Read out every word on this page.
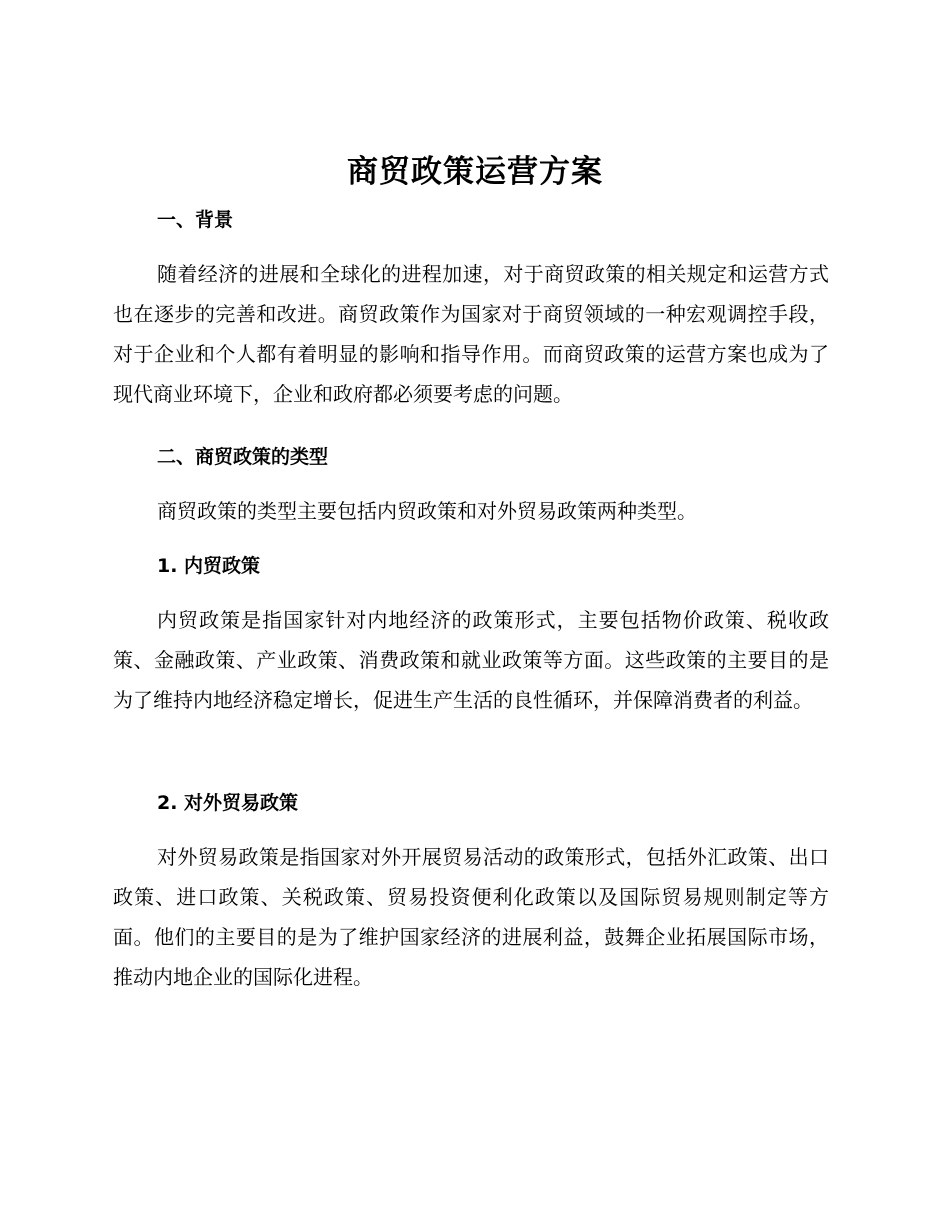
商贸政策运营方案
一、背景

随着经济的进展和全球化的进程加速，对于商贸政策的相关规定和运营方式也在逐步的完善和改进。商贸政策作为国家对于商贸领域的一种宏观调控手段，对于企业和个人都有着明显的影响和指导作用。而商贸政策的运营方案也成为了现代商业环境下，企业和政府都必须要考虑的问题。

二、商贸政策的类型

商贸政策的类型主要包括内贸政策和对外贸易政策两种类型。

1. 内贸政策

内贸政策是指国家针对内地经济的政策形式，主要包括物价政策、税收政策、金融政策、产业政策、消费政策和就业政策等方面。这些政策的主要目的是为了维持内地经济稳定增长，促进生产生活的良性循环，并保障消费者的利益。

2. 对外贸易政策

对外贸易政策是指国家对外开展贸易活动的政策形式，包括外汇政策、出口政策、进口政策、关税政策、贸易投资便利化政策以及国际贸易规则制定等方面。他们的主要目的是为了维护国家经济的进展利益，鼓舞企业拓展国际市场，推动内地企业的国际化进程。
